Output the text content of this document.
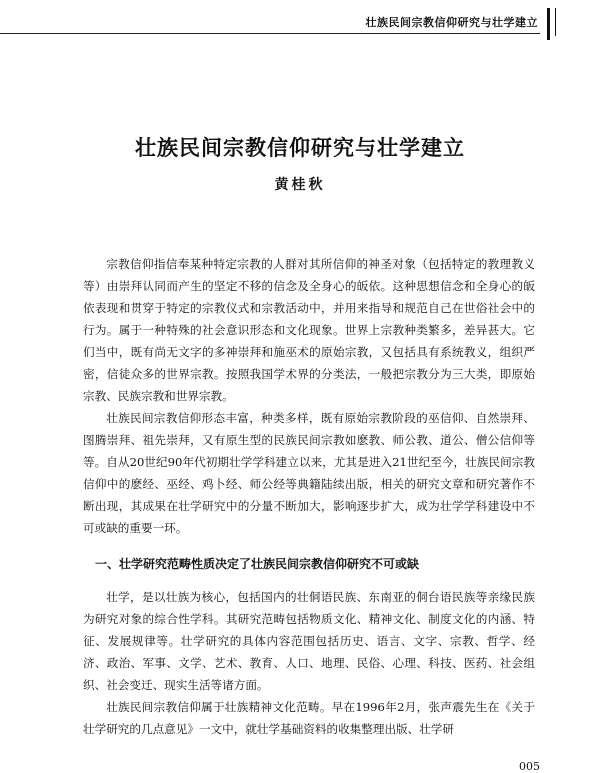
壮族民间宗教信仰研究与壮学建立
壮族民间宗教信仰研究与壮学建立
黄桂秋

宗教信仰指信奉某种特定宗教的人群对其所信仰的神圣对象（包括特定的教理教义等）由崇拜认同而产生的坚定不移的信念及全身心的皈依。这种思想信念和全身心的皈依表现和贯穿于特定的宗教仪式和宗教活动中，并用来指导和规范自己在世俗社会中的行为。属于一种特殊的社会意识形态和文化现象。世界上宗教种类繁多，差异甚大。它们当中，既有尚无文字的多神崇拜和施巫术的原始宗教，又包括具有系统教义，组织严密，信徒众多的世界宗教。按照我国学术界的分类法，一般把宗教分为三大类，即原始宗教、民族宗教和世界宗教。

壮族民间宗教信仰形态丰富，种类多样，既有原始宗教阶段的巫信仰、自然崇拜、图腾崇拜、祖先崇拜，又有原生型的民族民间宗教如麽教、师公教、道公、僧公信仰等等。自从20世纪90年代初期壮学学科建立以来，尤其是进入21世纪至今，壮族民间宗教信仰中的麽经、巫经、鸡卜经、师公经等典籍陆续出版，相关的研究文章和研究著作不断出现，其成果在壮学研究中的分量不断加大，影响逐步扩大，成为壮学学科建设中不可或缺的重要一环。

一、壮学研究范畴性质决定了壮族民间宗教信仰研究不可或缺

壮学，是以壮族为核心，包括国内的壮侗语民族、东南亚的侗台语民族等亲缘民族为研究对象的综合性学科。其研究范畴包括物质文化、精神文化、制度文化的内涵、特征、发展规律等。壮学研究的具体内容范围包括历史、语言、文字、宗教、哲学、经济、政治、军事、文学、艺术、教育、人口、地理、民俗、心理、科技、医药、社会组织、社会变迁、现实生活等诸方面。

壮族民间宗教信仰属于壮族精神文化范畴。早在1996年2月，张声震先生在《关于壮学研究的几点意见》一文中，就壮学基础资料的收集整理出版、壮学研

005
